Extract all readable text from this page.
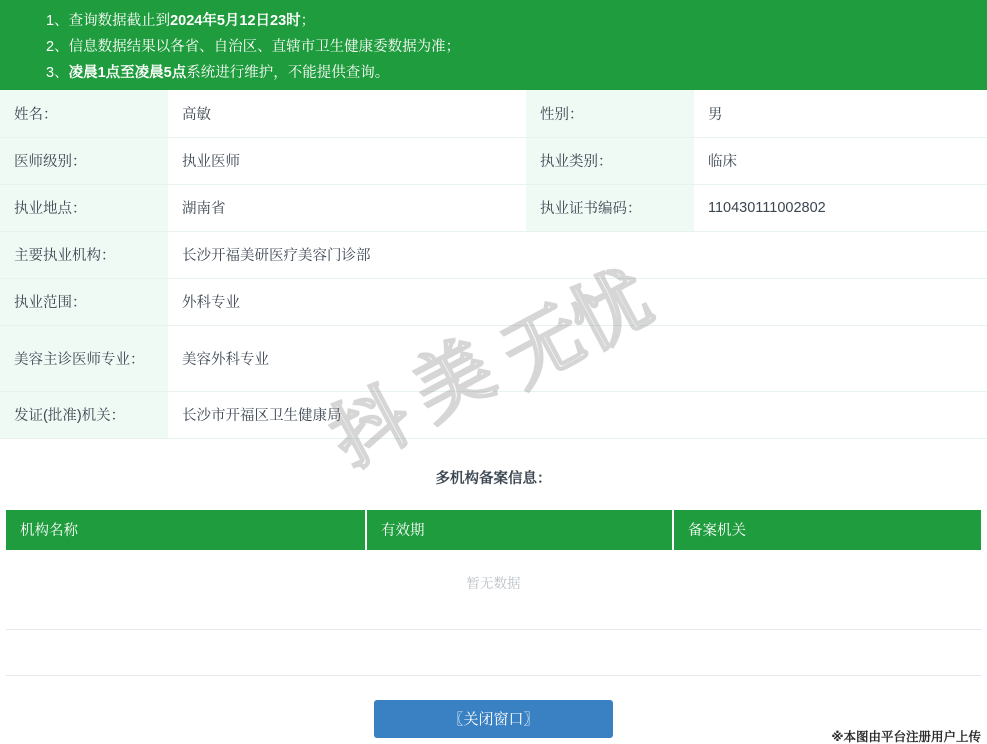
1、查询数据截止到2024年5月12日23时；
2、信息数据结果以各省、自治区、直辖市卫生健康委数据为准；
3、凌晨1点至凌晨5点系统进行维护，不能提供查询。
姓名：	高敏	性别：	男
医师级别：	执业医师	执业类别：	临床
执业地点：	湖南省	执业证书编码：	110430111002802
主要执业机构：	长沙开福美研医疗美容门诊部		
执业范围：	外科专业		
美容主诊医师专业：	美容外科专业		
发证(批准)机关：	长沙市开福区卫生健康局		
多机构备案信息：
机构名称	有效期	备案机关
暂无数据

〖关闭窗口〗
※本图由平台注册用户上传
